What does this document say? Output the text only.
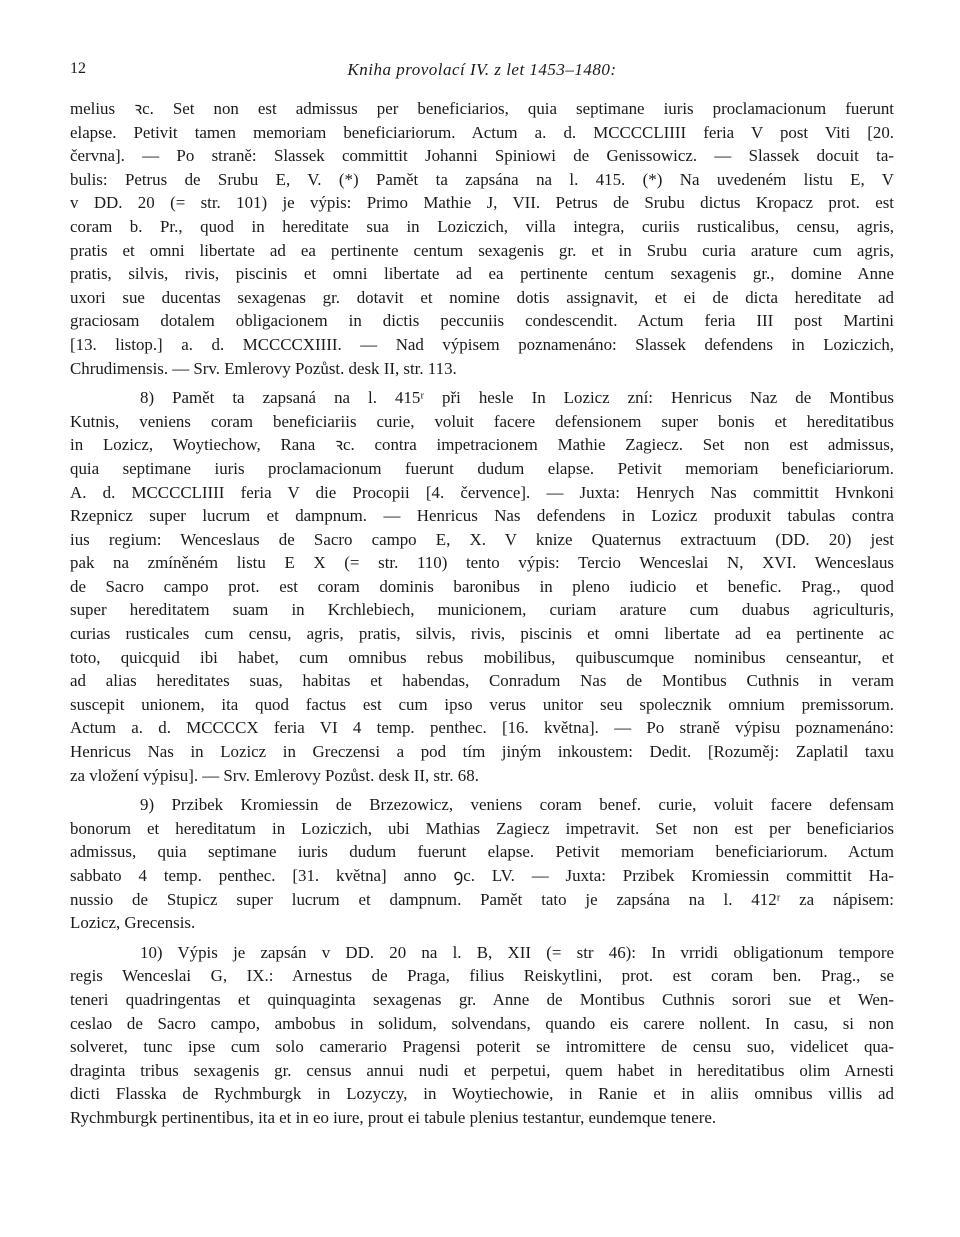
12	Kniha provolací IV. z let 1453–1480:

melius ꝛc. Set non est admissus per beneficiarios, quia septimane iuris proclamacionum fuerunt
elapse. Petivit tamen memoriam beneficiariorum. Actum a. d. MCCCCLIIII feria V post Viti [20.
června]. — Po straně: Slassek committit Johanni Spiniowi de Genissowicz. — Slassek docuit ta-
bulis: Petrus de Srubu E, V. (*) Pamět ta zapsána na l. 415. (*) Na uvedeném listu E, V
v DD. 20 (= str. 101) je výpis: Primo Mathie J, VII. Petrus de Srubu dictus Kropacz prot. est
coram b. Pr., quod in hereditate sua in Loziczich, villa integra, curiis rusticalibus, censu, agris,
pratis et omni libertate ad ea pertinente centum sexagenis gr. et in Srubu curia arature cum agris,
pratis, silvis, rivis, piscinis et omni libertate ad ea pertinente centum sexagenis gr., domine Anne
uxori sue ducentas sexagenas gr. dotavit et nomine dotis assignavit, et ei de dicta hereditate ad
graciosam dotalem obligacionem in dictis peccuniis condescendit. Actum feria III post Martini
[13. listop.] a. d. MCCCCXIIII. — Nad výpisem poznamenáno: Slassek defendens in Loziczich,
Chrudimensis. — Srv. Emlerovy Pozůst. desk II, str. 113.

8) Pamět ta zapsaná na l. 415ʳ při hesle In Lozicz zní: Henricus Naz de Montibus
Kutnis, veniens coram beneficiariis curie, voluit facere defensionem super bonis et hereditatibus
in Lozicz, Woytiechow, Rana ꝛc. contra impetracionem Mathie Zagiecz. Set non est admissus,
quia septimane iuris proclamacionum fuerunt dudum elapse. Petivit memoriam beneficiariorum.
A. d. MCCCCLIIII feria V die Procopii [4. července]. — Juxta: Henrych Nas committit Hvnkoni
Rzepnicz super lucrum et dampnum. — Henricus Nas defendens in Lozicz produxit tabulas contra
ius regium: Wenceslaus de Sacro campo E, X. V knize Quaternus extractuum (DD. 20) jest
pak na zmíněném listu E X (= str. 110) tento výpis: Tercio Wenceslai N, XVI. Wenceslaus
de Sacro campo prot. est coram dominis baronibus in pleno iudicio et benefic. Prag., quod
super hereditatem suam in Krchlebiech, municionem, curiam arature cum duabus agriculturis,
curias rusticales cum censu, agris, pratis, silvis, rivis, piscinis et omni libertate ad ea pertinente ac
toto, quicquid ibi habet, cum omnibus rebus mobilibus, quibuscumque nominibus censeantur, et
ad alias hereditates suas, habitas et habendas, Conradum Nas de Montibus Cuthnis in veram
suscepit unionem, ita quod factus est cum ipso verus unitor seu spolecznik omnium premissorum.
Actum a. d. MCCCCX feria VI 4 temp. penthec. [16. května]. — Po straně výpisu poznamenáno:
Henricus Nas in Lozicz in Greczensi a pod tím jiným inkoustem: Dedit. [Rozuměj: Zaplatil taxu
za vložení výpisu]. — Srv. Emlerovy Pozůst. desk II, str. 68.

9) Przibek Kromiessin de Brzezowicz, veniens coram benef. curie, voluit facere defensam
bonorum et hereditatum in Loziczich, ubi Mathias Zagiecz impetravit. Set non est per beneficiarios
admissus, quia septimane iuris dudum fuerunt elapse. Petivit memoriam beneficiariorum. Actum
sabbato 4 temp. penthec. [31. května] anno ꝯc. LV. — Juxta: Przibek Kromiessin committit Ha-
nussio de Stupicz super lucrum et dampnum. Pamět tato je zapsána na l. 412ʳ za nápisem:
Lozicz, Grecensis.

10) Výpis je zapsán v DD. 20 na l. B, XII (= str 46): In vrridi obligationum tempore
regis Wenceslai G, IX.: Arnestus de Praga, filius Reiskytlini, prot. est coram ben. Prag., se
teneri quadringentas et quinquaginta sexagenas gr. Anne de Montibus Cuthnis sorori sue et Wen-
ceslao de Sacro campo, ambobus in solidum, solvendans, quando eis carere nollent. In casu, si non
solveret, tunc ipse cum solo camerario Pragensi poterit se intromittere de censu suo, videlicet qua-
draginta tribus sexagenis gr. census annui nudi et perpetui, quem habet in hereditatibus olim Arnesti
dicti Flasska de Rychmburgk in Lozyczy, in Woytiechowie, in Ranie et in aliis omnibus villis ad
Rychmburgk pertinentibus, ita et in eo iure, prout ei tabule plenius testantur, eundemque tenere.
